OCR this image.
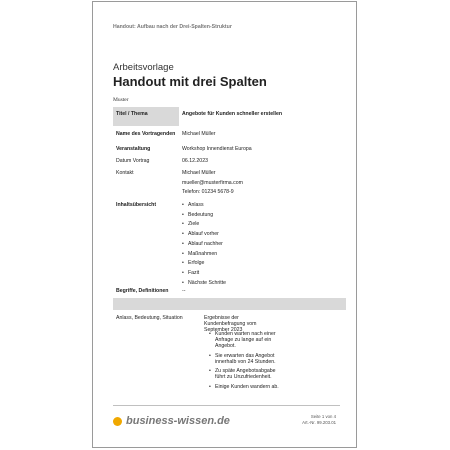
Handout: Aufbau nach der Drei-Spalten-Struktur
Arbeitsvorlage
Handout mit drei Spalten
Muster
Titel / Thema	Angebote für Kunden schneller erstellen
Name des Vortragenden Michael Müller
Veranstaltung	Workshop Innendienst Europa
Datum Vortrag	06.12.2023
Kontakt	Michael Müller
mueller@musterfirma.com
Telefon: 01234 5678-9
Inhaltsübersicht
•	Anlass
• Bedeutung
• Ziele
• Ablauf vorher
• Ablauf nachher
• Maßnahmen
• Erfolge
• Fazit
• Nächste Schritte
Begriffe, Definitionen	--
Anlass, Bedeutung, Situation	Ergebnisse der Kundenbefragung vom September 2023
• Kunden warten nach einer Anfrage zu lange auf ein Angebot.
• Sie erwarten das Angebot innerhalb von 24 Stunden.
• Zu späte Angebotsabgabe führt zu Unzufriedenheit.
• Einige Kunden wandern ab.
business-wissen.de	Seite 1 von 4
Art.-Nr. 99.203.01
